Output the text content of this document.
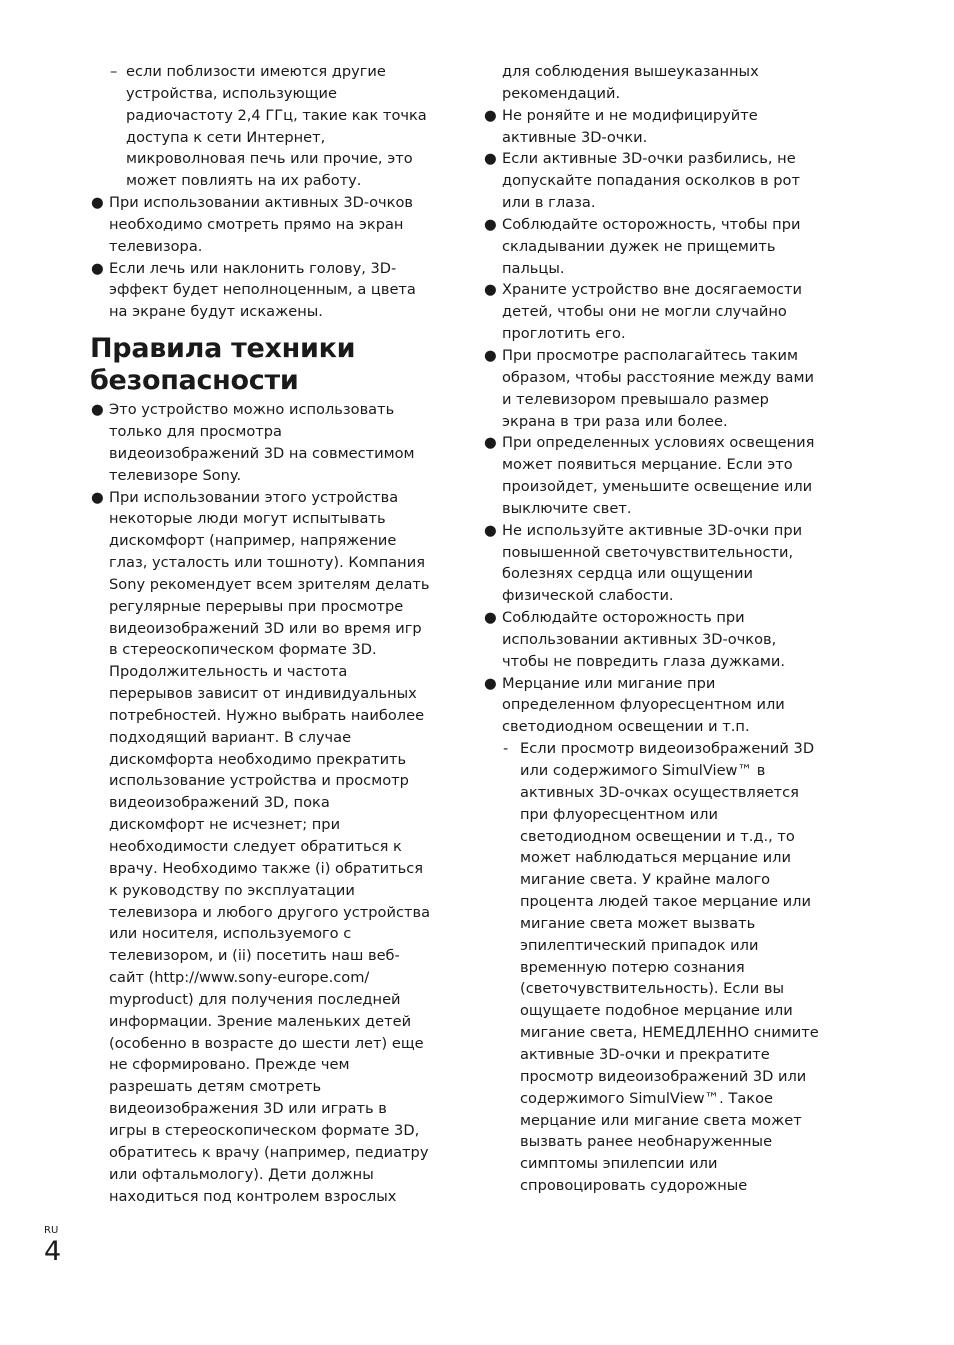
– если поблизости имеются другие
устройства, использующие
радиочастоту 2,4 ГГц, такие как точка
доступа к сети Интернет,
микроволновая печь или прочие, это
может повлиять на их работу.
● При использовании активных 3D-очков
необходимо смотреть прямо на экран
телевизора.
● Если лечь или наклонить голову, 3D-
эффект будет неполноценным, а цвета
на экране будут искажены.
Правила техники
безопасности
● Это устройство можно использовать
только для просмотра
видеоизображений 3D на совместимом
телевизоре Sony.
● При использовании этого устройства
некоторые люди могут испытывать
дискомфорт (например, напряжение
глаз, усталость или тошноту). Компания
Sony рекомендует всем зрителям делать
регулярные перерывы при просмотре
видеоизображений 3D или во время игр
в стереоскопическом формате 3D.
Продолжительность и частота
перерывов зависит от индивидуальных
потребностей. Нужно выбрать наиболее
подходящий вариант. В случае
дискомфорта необходимо прекратить
использование устройства и просмотр
видеоизображений 3D, пока
дискомфорт не исчезнет; при
необходимости следует обратиться к
врачу. Необходимо также (i) обратиться
к руководству по эксплуатации
телевизора и любого другого устройства
или носителя, используемого с
телевизором, и (ii) посетить наш веб-
сайт (http://www.sony-europe.com/
myproduct) для получения последней
информации. Зрение маленьких детей
(особенно в возрасте до шести лет) еще
не сформировано. Прежде чем
разрешать детям смотреть
видеоизображения 3D или играть в
игры в стереоскопическом формате 3D,
обратитесь к врачу (например, педиатру
или офтальмологу). Дети должны
находиться под контролем взрослых
для соблюдения вышеуказанных
рекомендаций.
● Не роняйте и не модифицируйте
активные 3D-очки.
● Если активные 3D-очки разбились, не
допускайте попадания осколков в рот
или в глаза.
● Соблюдайте осторожность, чтобы при
складывании дужек не прищемить
пальцы.
● Храните устройство вне досягаемости
детей, чтобы они не могли случайно
проглотить его.
● При просмотре располагайтесь таким
образом, чтобы расстояние между вами
и телевизором превышало размер
экрана в три раза или более.
● При определенных условиях освещения
может появиться мерцание. Если это
произойдет, уменьшите освещение или
выключите свет.
● Не используйте активные 3D-очки при
повышенной светочувствительности,
болезнях сердца или ощущении
физической слабости.
● Соблюдайте осторожность при
использовании активных 3D-очков,
чтобы не повредить глаза дужками.
● Мерцание или мигание при
определенном флуоресцентном или
светодиодном освещении и т.п.
- Если просмотр видеоизображений 3D
или содержимого SimulView™ в
активных 3D-очках осуществляется
при флуоресцентном или
светодиодном освещении и т.д., то
может наблюдаться мерцание или
мигание света. У крайне малого
процента людей такое мерцание или
мигание света может вызвать
эпилептический припадок или
временную потерю сознания
(светочувствительность). Если вы
ощущаете подобное мерцание или
мигание света, НЕМЕДЛЕННО снимите
активные 3D-очки и прекратите
просмотр видеоизображений 3D или
содержимого SimulView™. Такое
мерцание или мигание света может
вызвать ранее необнаруженные
симптомы эпилепсии или
спровоцировать судорожные
RU
4
